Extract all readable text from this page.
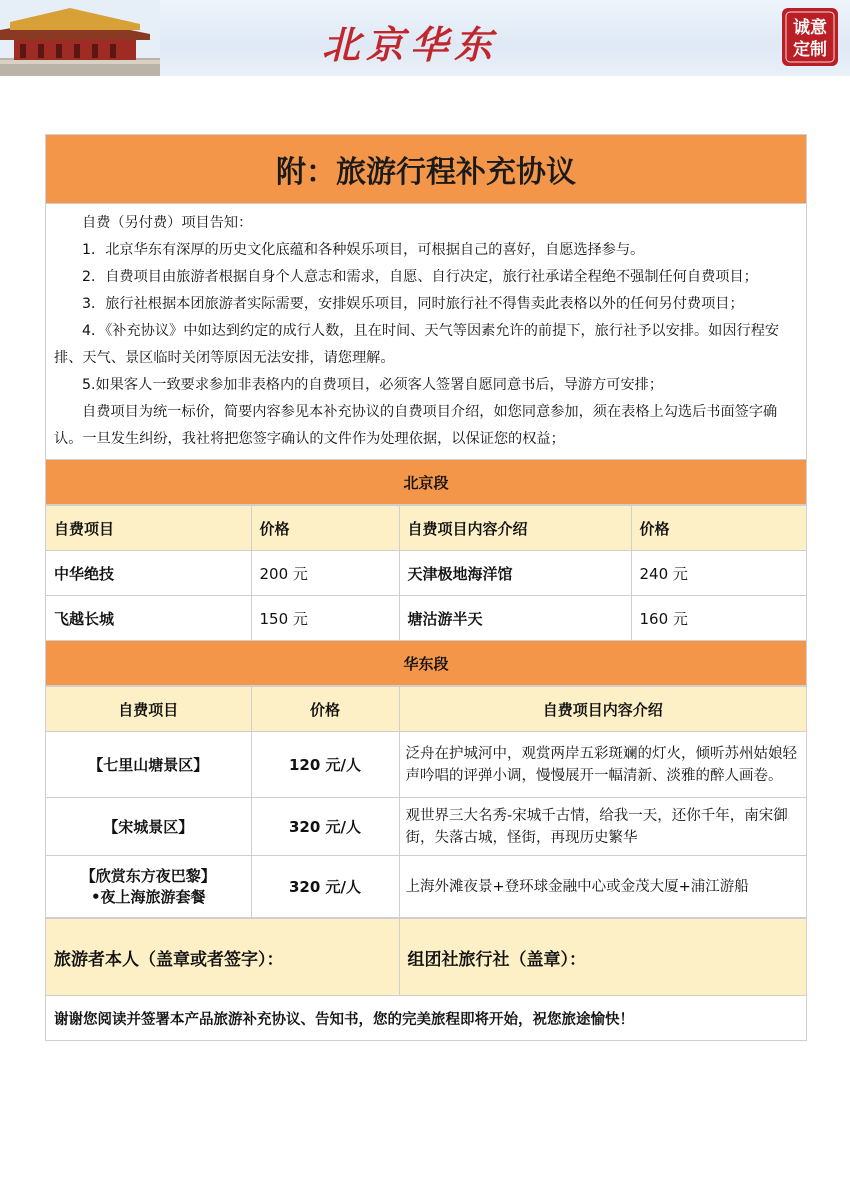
北京华东	诚意
定制
附：旅游行程补充协议

自费（另付费）项目告知：

1．北京华东有深厚的历史文化底蕴和各种娱乐项目，可根据自己的喜好，自愿选择参与。

2．自费项目由旅游者根据自身个人意志和需求，自愿、自行决定，旅行社承诺全程绝不强制任何自费项目；

3．旅行社根据本团旅游者实际需要，安排娱乐项目，同时旅行社不得售卖此表格以外的任何另付费项目；

4．《补充协议》中如达到约定的成行人数，且在时间、天气等因素允许的前提下，旅行社予以安排。如因行程安排、天气、景区临时关闭等原因无法安排，请您理解。

5.如果客人一致要求参加非表格内的自费项目，必须客人签署自愿同意书后，导游方可安排；

自费项目为统一标价，简要内容参见本补充协议的自费项目介绍，如您同意参加，须在表格上勾选后书面签字确认。一旦发生纠纷，我社将把您签字确认的文件作为处理依据，以保证您的权益；

北京段
自费项目	价格	自费项目内容介绍	价格
中华绝技	200 元	天津极地海洋馆	240 元
飞越长城	150 元	塘沽游半天	160 元
华东段
自费项目	价格	自费项目内容介绍
【七里山塘景区】	120 元/人	泛舟在护城河中，观赏两岸五彩斑斓的灯火，倾听苏州姑娘轻声吟唱的评弹小调，慢慢展开一幅清新、淡雅的醉人画卷。
【宋城景区】	320 元/人	观世界三大名秀-宋城千古情，给我一天，还你千年，南宋御街，失落古城，怪街，再现历史繁华

【欣赏东方夜巴黎】
•夜上海旅游套餐	320 元/人	上海外滩夜景+登环球金融中心或金茂大厦+浦江游船
旅游者本人（盖章或者签字）：	组团社旅行社（盖章）：
谢谢您阅读并签署本产品旅游补充协议、告知书，您的完美旅程即将开始，祝您旅途愉快！
